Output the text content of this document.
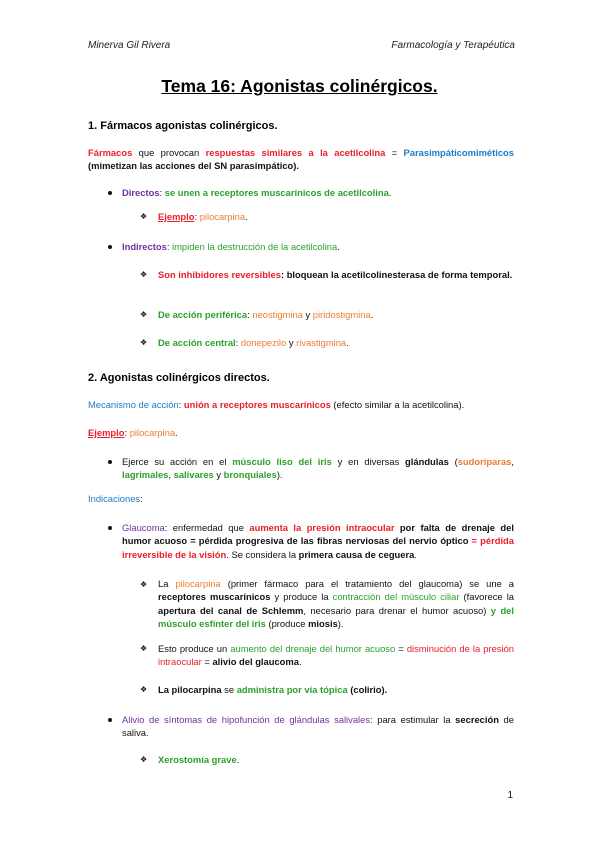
Minerva Gil Rivera	Farmacología y Terapéutica
Tema 16: Agonistas colinérgicos.
1. Fármacos agonistas colinérgicos.
Fármacos que provocan respuestas similares a la acetilcolina = Parasimpáticomiméticos (mimetizan las acciones del SN parasimpático).
Directos: se unen a receptores muscarínicos de acetilcolina.
❖ Ejemplo: pilocarpina.
Indirectos: impiden la destrucción de la acetilcolina.
❖ Son inhibidores reversibles: bloquean la acetilcolinesterasa de forma temporal.
❖ De acción periférica: neostigmina y piridostigmina.
❖ De acción central: donepezilo y rivastigmina.
2. Agonistas colinérgicos directos.
Mecanismo de acción: unión a receptores muscarínicos (efecto similar a la acetilcolina).
Ejemplo: pilocarpina.
Ejerce su acción en el músculo liso del iris y en diversas glándulas (sudoríparas, lagrimales, salivares y bronquiales).
Indicaciones:
Glaucoma: enfermedad que aumenta la presión intraocular por falta de drenaje del humor acuoso = pérdida progresiva de las fibras nerviosas del nervio óptico = pérdida irreversible de la visión. Se considera la primera causa de ceguera.
❖ La pilocarpina (primer fármaco para el tratamiento del glaucoma) se une a receptores muscarínicos y produce la contracción del músculo ciliar (favorece la apertura del canal de Schlemm, necesario para drenar el humor acuoso) y del músculo esfínter del iris (produce miosis).
❖ Esto produce un aumento del drenaje del humor acuoso = disminución de la presión intraocular = alivio del glaucoma.
❖ La pilocarpina se administra por vía tópica (colirio).
Alivio de síntomas de hipofunción de glándulas salivales: para estimular la secreción de saliva.
❖ Xerostomía grave.
1
